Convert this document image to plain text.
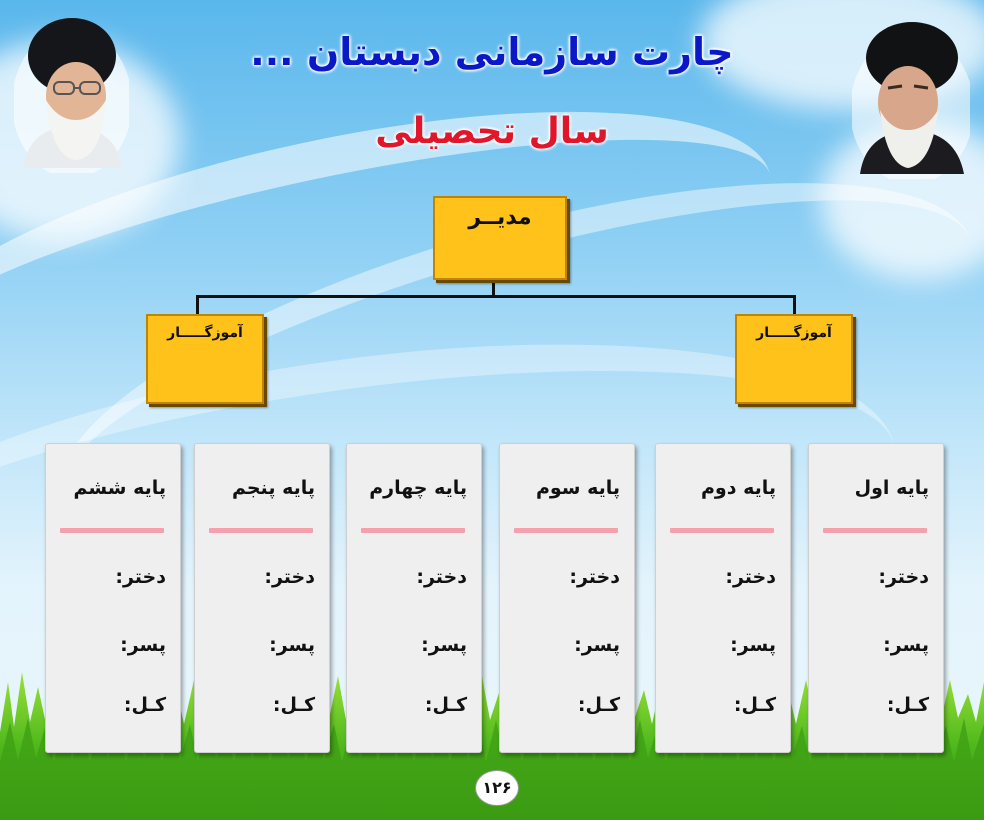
چارت سازمانی دبستان ...
سال تحصیلی
مدیــر
آموزگـــــار
آموزگـــــار
پایه اول
دختر:
پسر:
کـل:
پایه دوم
دختر:
پسر:
کـل:
پایه سوم
دختر:
پسر:
کـل:
پایه چهارم
دختر:
پسر:
کـل:
پایه پنجم
دختر:
پسر:
کـل:
پایه ششم
دختر:
پسر:
کـل:
۱۲۶
